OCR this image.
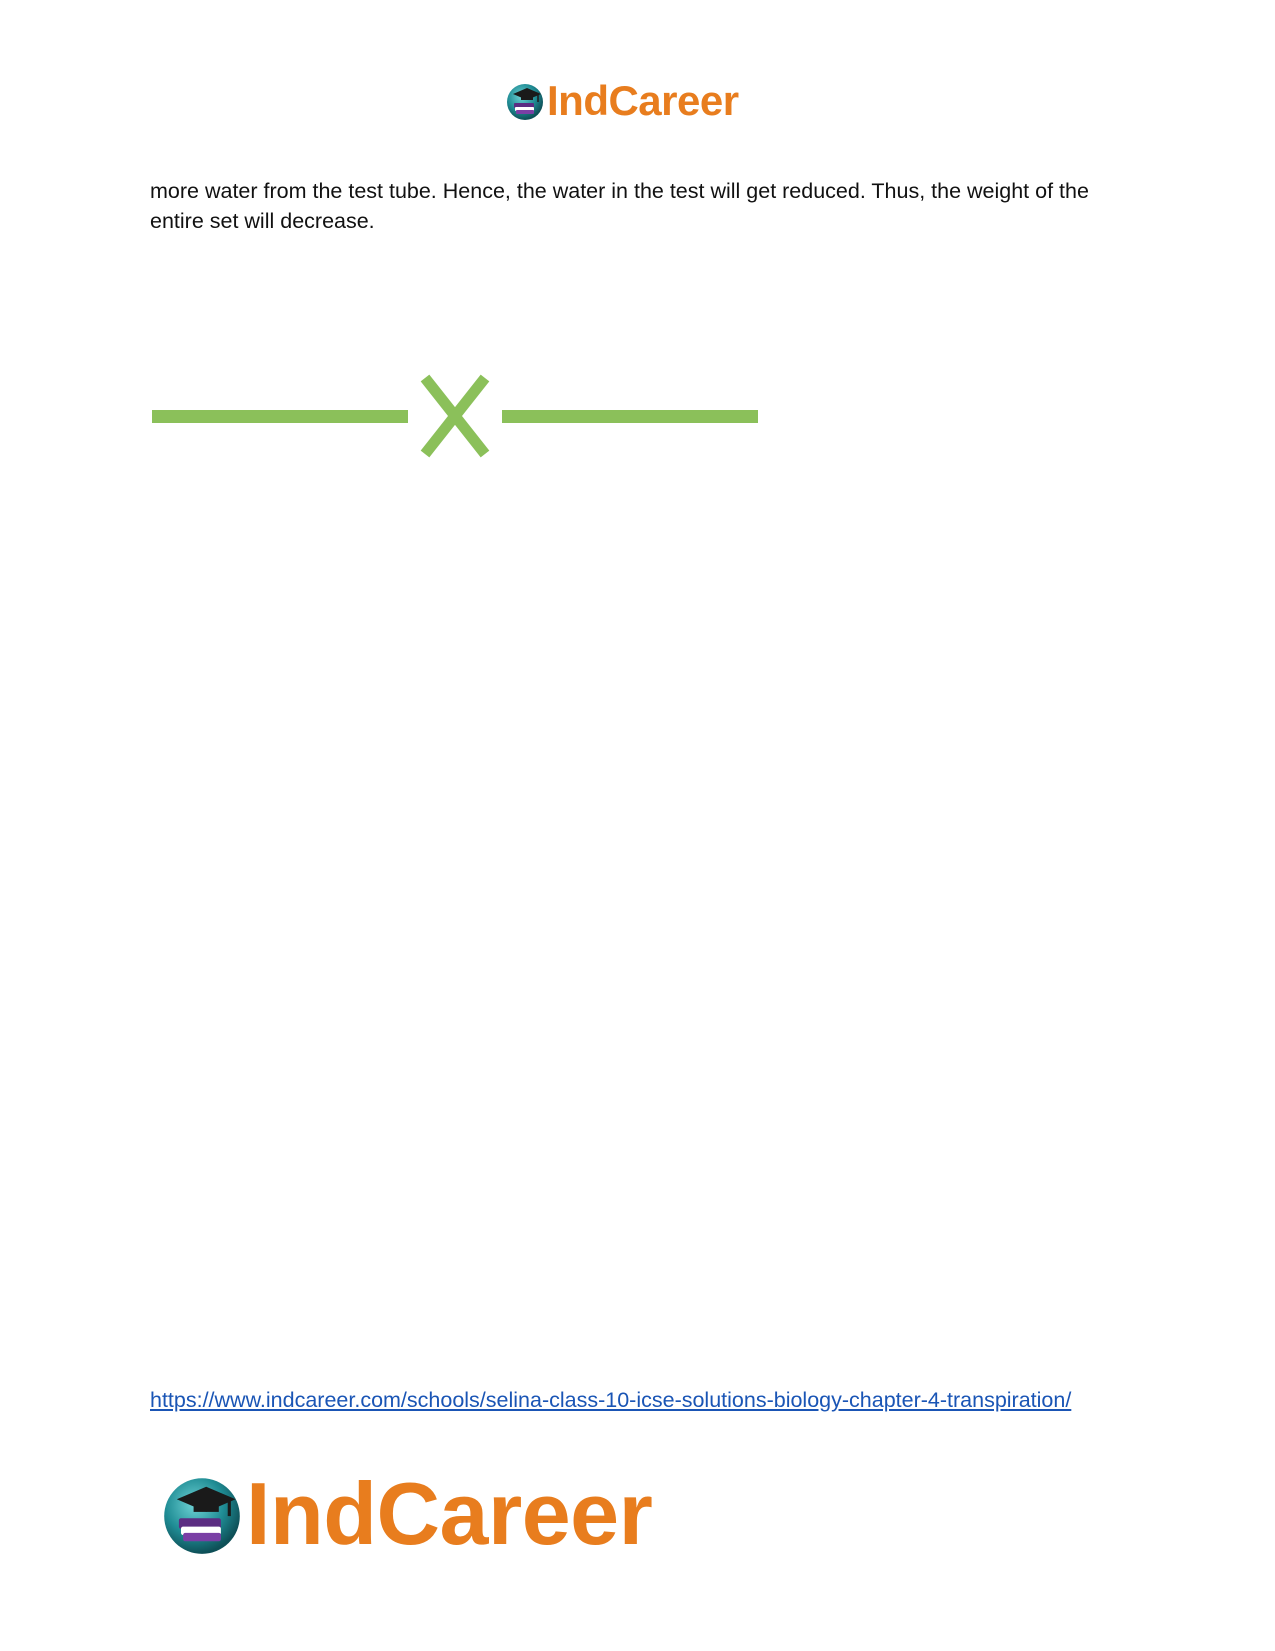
IndCareer
more water from the test tube. Hence, the water in the test will get reduced. Thus, the weight of the entire set will decrease.
https://www.indcareer.com/schools/selina-class-10-icse-solutions-biology-chapter-4-transpiration/
IndCareer
